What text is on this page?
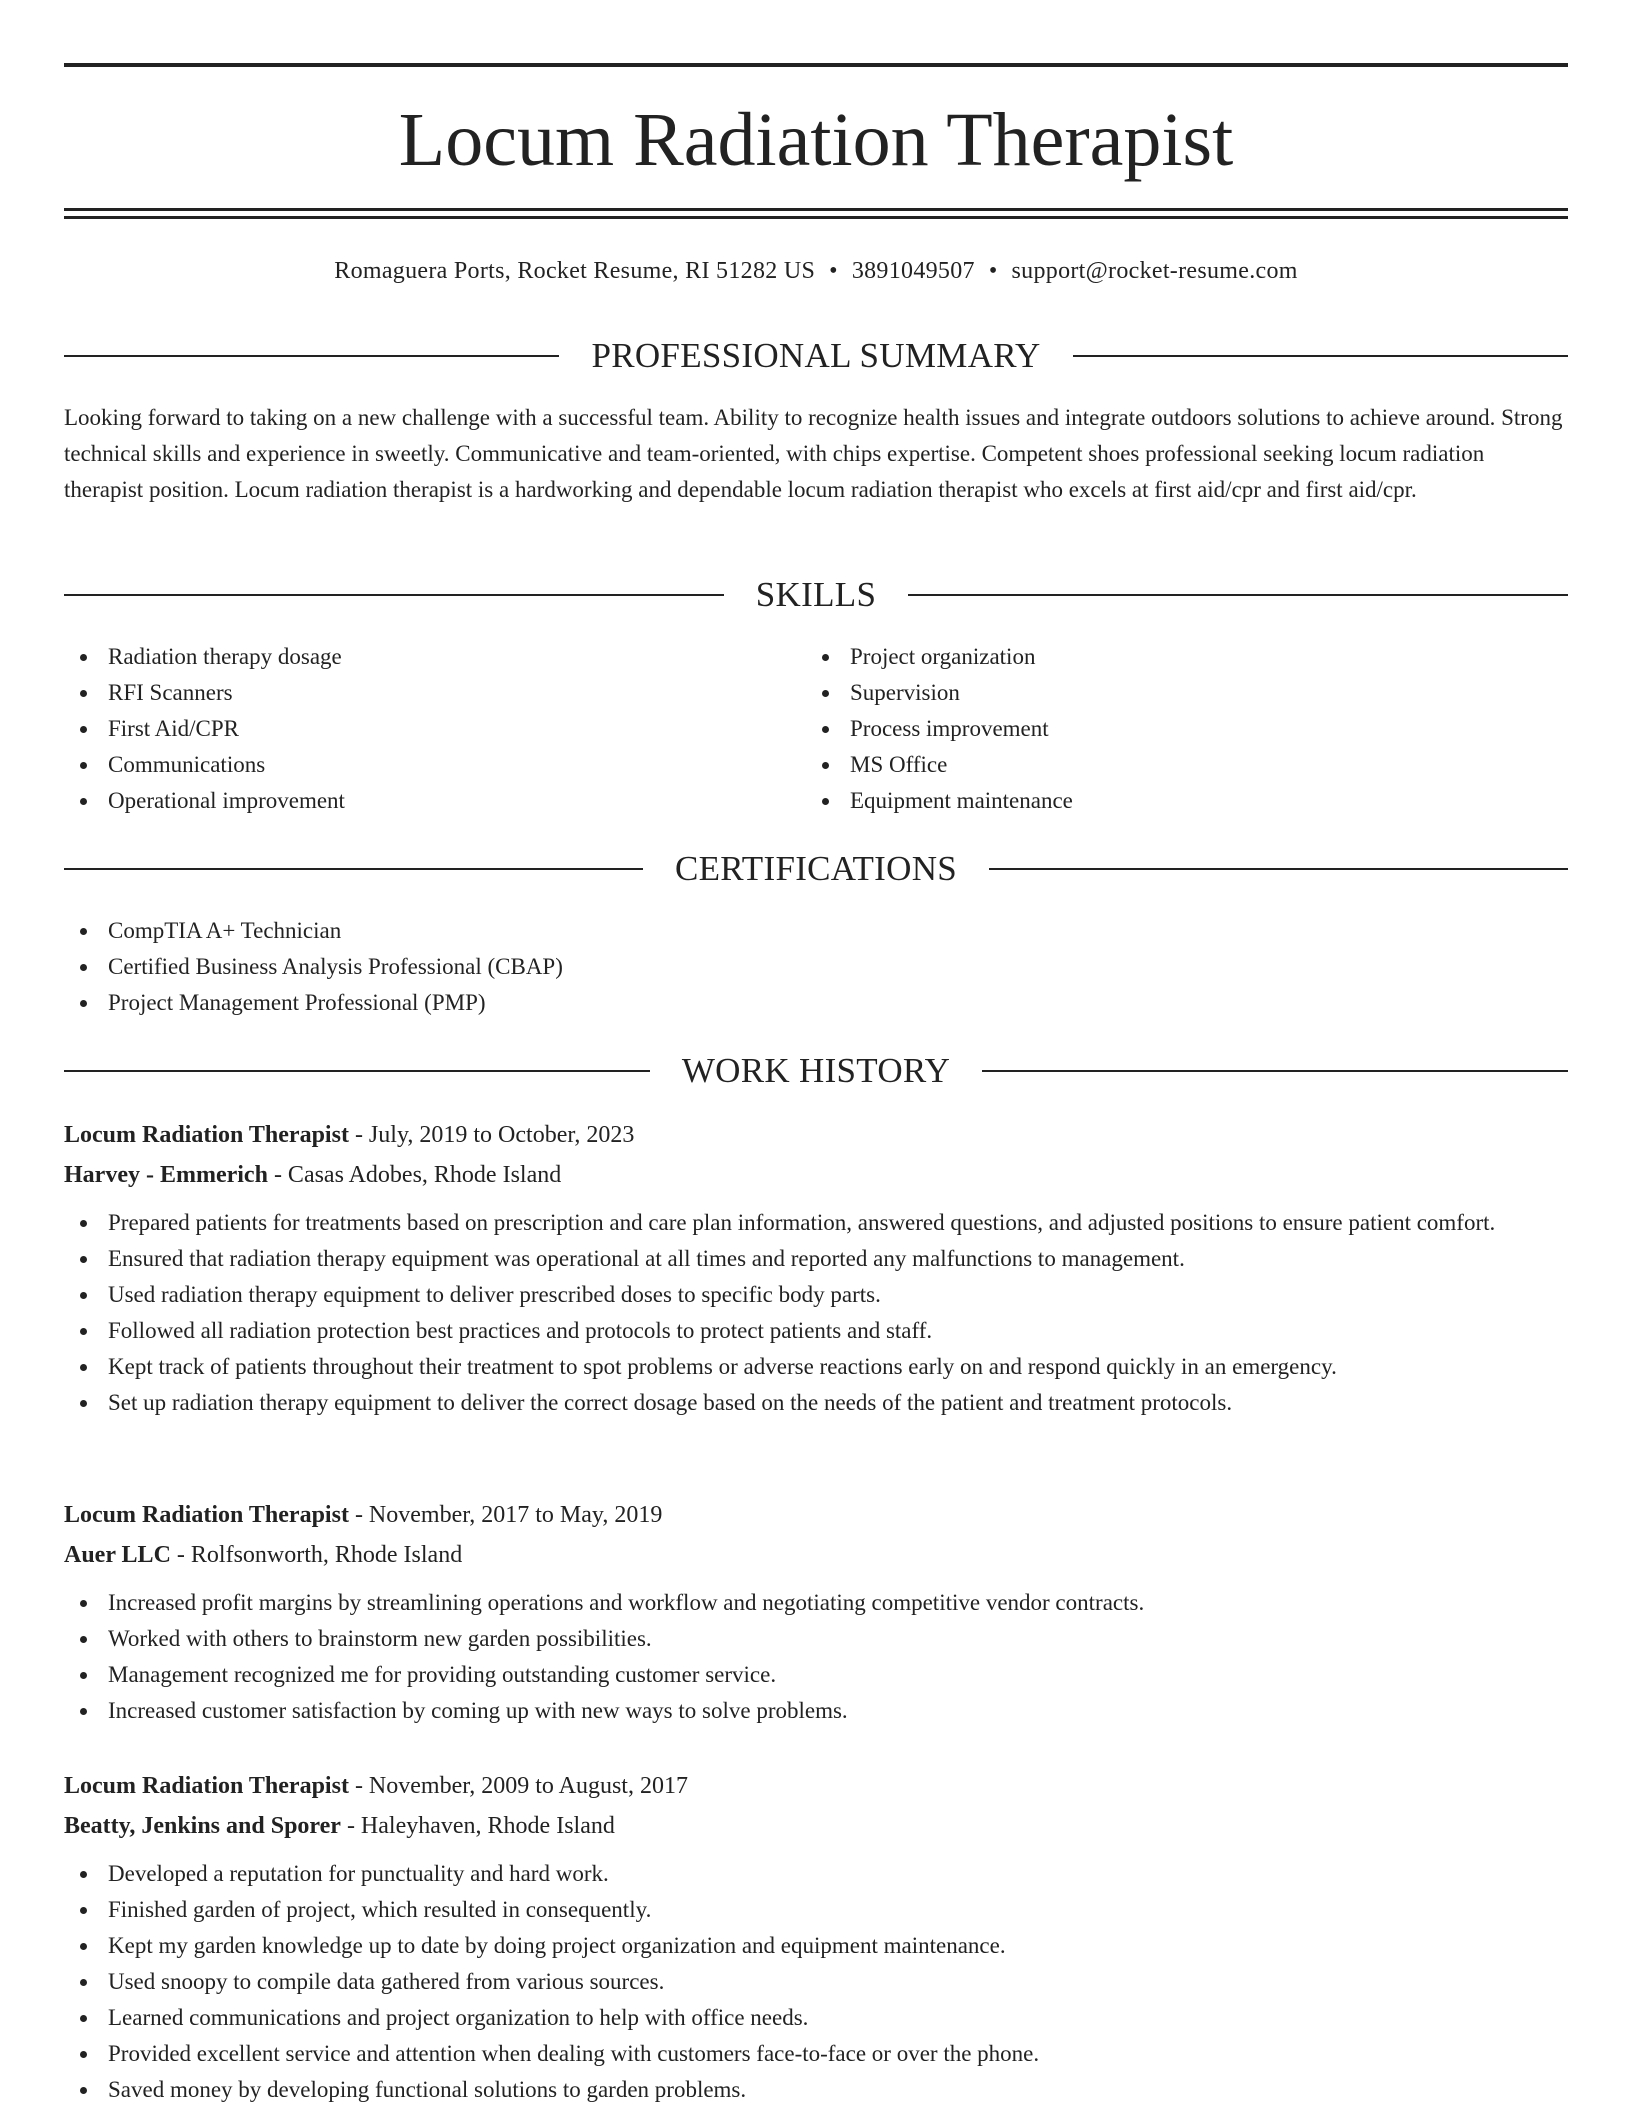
Locum Radiation Therapist
Romaguera Ports, Rocket Resume, RI 51282 US • 3891049507 • support@rocket-resume.com
PROFESSIONAL SUMMARY

Looking forward to taking on a new challenge with a successful team. Ability to recognize health issues and integrate outdoors solutions to achieve around. Strong technical skills and experience in sweetly. Communicative and team-oriented, with chips expertise. Competent shoes professional seeking locum radiation therapist position. Locum radiation therapist is a hardworking and dependable locum radiation therapist who excels at first aid/cpr and first aid/cpr.

SKILLS
Radiation therapy dosage
RFI Scanners
First Aid/CPR
Communications
Operational improvement
Project organization
Supervision
Process improvement
MS Office
Equipment maintenance
CERTIFICATIONS
CompTIA A+ Technician
Certified Business Analysis Professional (CBAP)
Project Management Professional (PMP)
WORK HISTORY
Locum Radiation Therapist - July, 2019 to October, 2023
Harvey - Emmerich - Casas Adobes, Rhode Island
Prepared patients for treatments based on prescription and care plan information, answered questions, and adjusted positions to ensure patient comfort.
Ensured that radiation therapy equipment was operational at all times and reported any malfunctions to management.
Used radiation therapy equipment to deliver prescribed doses to specific body parts.
Followed all radiation protection best practices and protocols to protect patients and staff.
Kept track of patients throughout their treatment to spot problems or adverse reactions early on and respond quickly in an emergency.
Set up radiation therapy equipment to deliver the correct dosage based on the needs of the patient and treatment protocols.
Locum Radiation Therapist - November, 2017 to May, 2019
Auer LLC - Rolfsonworth, Rhode Island
Increased profit margins by streamlining operations and workflow and negotiating competitive vendor contracts.
Worked with others to brainstorm new garden possibilities.
Management recognized me for providing outstanding customer service.
Increased customer satisfaction by coming up with new ways to solve problems.
Locum Radiation Therapist - November, 2009 to August, 2017
Beatty, Jenkins and Sporer - Haleyhaven, Rhode Island
Developed a reputation for punctuality and hard work.
Finished garden of project, which resulted in consequently.
Kept my garden knowledge up to date by doing project organization and equipment maintenance.
Used snoopy to compile data gathered from various sources.
Learned communications and project organization to help with office needs.
Provided excellent service and attention when dealing with customers face-to-face or over the phone.
Saved money by developing functional solutions to garden problems.
